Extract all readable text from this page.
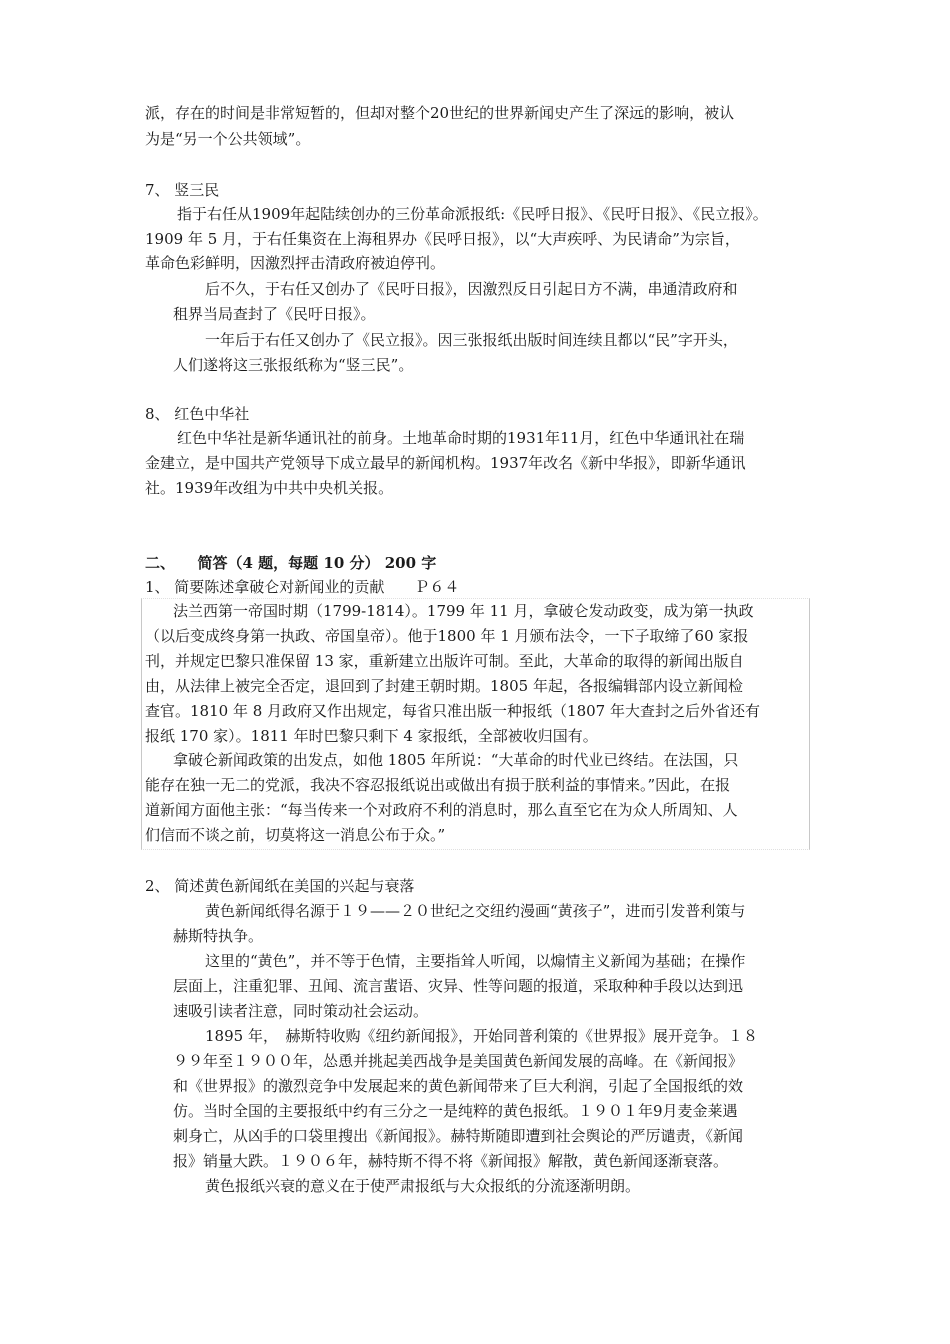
派，存在的时间是非常短暂的，但却对整个20世纪的世界新闻史产生了深远的影响，被认
为是“另一个公共领域”。
7、 竖三民
指于右任从1909年起陆续创办的三份革命派报纸:《民呼日报》、《民吁日报》、《民立报》。
1909 年 5 月，于右任集资在上海租界办《民呼日报》，以“大声疾呼、为民请命”为宗旨，
革命色彩鲜明，因激烈抨击清政府被迫停刊。
后不久，于右任又创办了《民吁日报》，因激烈反日引起日方不满，串通清政府和
租界当局查封了《民吁日报》。
一年后于右任又创办了《民立报》。因三张报纸出版时间连续且都以“民”字开头，
人们遂将这三张报纸称为“竖三民”。
8、 红色中华社
红色中华社是新华通讯社的前身。土地革命时期的1931年11月，红色中华通讯社在瑞
金建立，是中国共产党领导下成立最早的新闻机构。1937年改名《新中华报》，即新华通讯
社。1939年改组为中共中央机关报。
二、　　简答（4 题，每题 10 分） 200 字
1、 简要陈述拿破仑对新闻业的贡献　　Ｐ６４
法兰西第一帝国时期（1799-1814）。1799 年 11 月，拿破仑发动政变，成为第一执政
（以后变成终身第一执政、帝国皇帝）。他于1800 年 1 月颁布法令，一下子取缔了60 家报
刊，并规定巴黎只准保留 13 家，重新建立出版许可制。至此，大革命的取得的新闻出版自
由，从法律上被完全否定，退回到了封建王朝时期。1805 年起，各报编辑部内设立新闻检
查官。1810 年 8 月政府又作出规定，每省只准出版一种报纸（1807 年大查封之后外省还有
报纸 170 家）。1811 年时巴黎只剩下 4 家报纸，全部被收归国有。
拿破仑新闻政策的出发点，如他 1805 年所说：“大革命的时代业已终结。在法国，只
能存在独一无二的党派，我决不容忍报纸说出或做出有损于朕利益的事情来。”因此，在报
道新闻方面他主张：“每当传来一个对政府不利的消息时，那么直至它在为众人所周知、人
们信而不谈之前，切莫将这一消息公布于众。”
2、 简述黄色新闻纸在美国的兴起与衰落
黄色新闻纸得名源于１９——２０世纪之交纽约漫画“黄孩子”，进而引发普利策与
赫斯特执争。
这里的“黄色”，并不等于色情，主要指耸人听闻，以煽情主义新闻为基础；在操作
层面上，注重犯罪、丑闻、流言蜚语、灾异、性等问题的报道，采取种种手段以达到迅
速吸引读者注意，同时策动社会运动。
1895 年，　赫斯特收购《纽约新闻报》，开始同普利策的《世界报》展开竞争。１８
９９年至１９００年，怂恿并挑起美西战争是美国黄色新闻发展的高峰。在《新闻报》
和《世界报》的激烈竞争中发展起来的黄色新闻带来了巨大利润，引起了全国报纸的效
仿。当时全国的主要报纸中约有三分之一是纯粹的黄色报纸。１９０１年9月麦金莱遇
刺身亡，从凶手的口袋里搜出《新闻报》。赫特斯随即遭到社会舆论的严厉谴责，《新闻
报》销量大跌。１９０６年，赫特斯不得不将《新闻报》解散，黄色新闻逐渐衰落。
黄色报纸兴衰的意义在于使严肃报纸与大众报纸的分流逐渐明朗。
